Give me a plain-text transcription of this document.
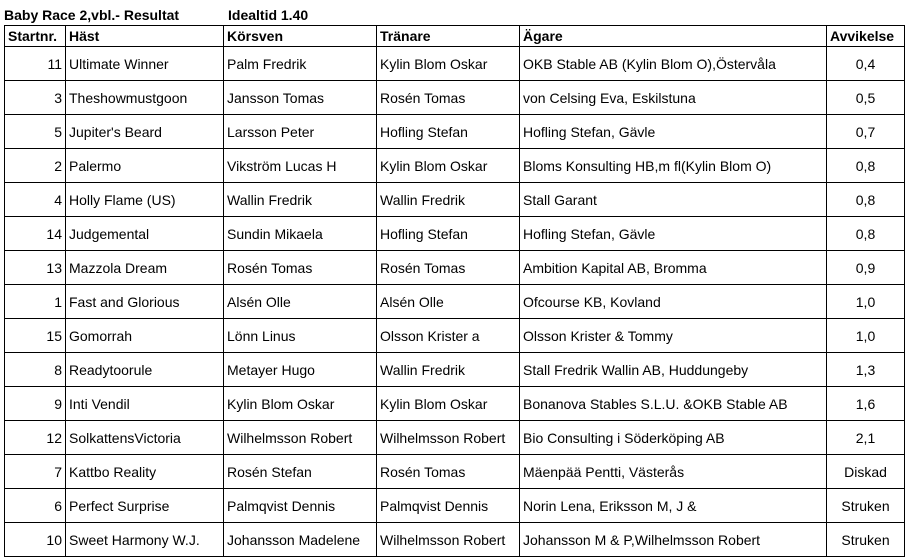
Baby Race 2,vbl.- Resultat	Idealtid 1.40
Startnr.	Häst	Körsven	Tränare	Ägare	Avvikelse
11	Ultimate Winner	Palm Fredrik	Kylin Blom Oskar	OKB Stable AB (Kylin Blom O),Östervåla	0,4
3	Theshowmustgoon	Jansson Tomas	Rosén Tomas	von Celsing Eva, Eskilstuna	0,5
5	Jupiter's Beard	Larsson Peter	Hofling Stefan	Hofling Stefan, Gävle	0,7
2	Palermo	Vikström Lucas H	Kylin Blom Oskar	Bloms Konsulting HB,m fl(Kylin Blom O)	0,8
4	Holly Flame (US)	Wallin Fredrik	Wallin Fredrik	Stall Garant	0,8
14	Judgemental	Sundin Mikaela	Hofling Stefan	Hofling Stefan, Gävle	0,8
13	Mazzola Dream	Rosén Tomas	Rosén Tomas	Ambition Kapital AB, Bromma	0,9
1	Fast and Glorious	Alsén Olle	Alsén Olle	Ofcourse KB, Kovland	1,0
15	Gomorrah	Lönn Linus	Olsson Krister a	Olsson Krister & Tommy	1,0
8	Readytoorule	Metayer Hugo	Wallin Fredrik	Stall Fredrik Wallin AB, Huddungeby	1,3
9	Inti Vendil	Kylin Blom Oskar	Kylin Blom Oskar	Bonanova Stables S.L.U. &OKB Stable AB	1,6
12	SolkattensVictoria	Wilhelmsson Robert	Wilhelmsson Robert	Bio Consulting i Söderköping AB	2,1
7	Kattbo Reality	Rosén Stefan	Rosén Tomas	Mäenpää Pentti, Västerås	Diskad
6	Perfect Surprise	Palmqvist Dennis	Palmqvist Dennis	Norin Lena, Eriksson M, J &	Struken
10	Sweet Harmony W.J.	Johansson Madelene	Wilhelmsson Robert	Johansson M & P,Wilhelmsson Robert	Struken
